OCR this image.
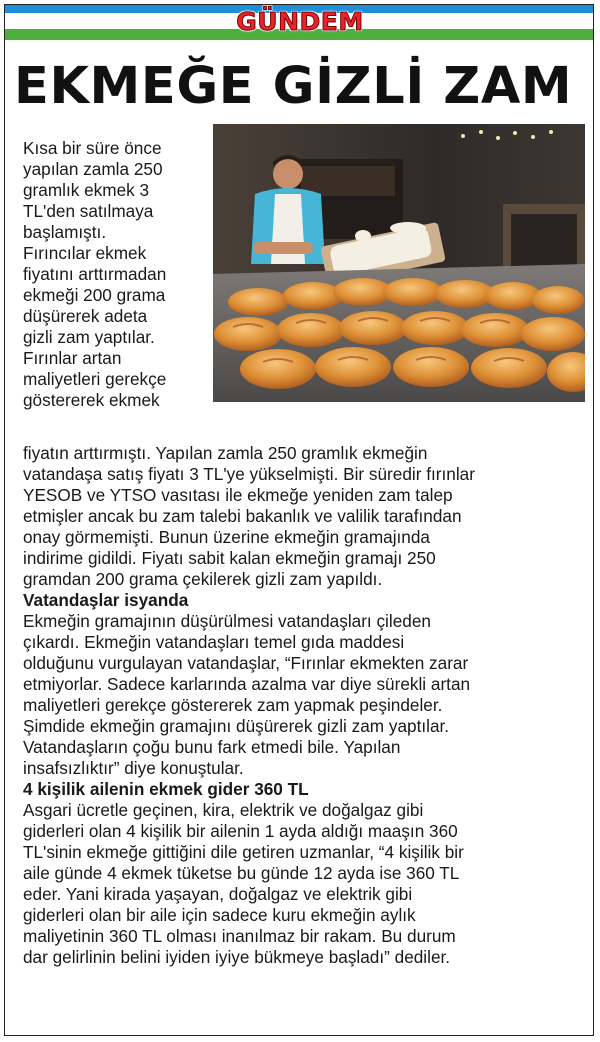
GÜNDEM
EKMEĞE GİZLİ ZAM

Kısa bir süre önce
yapılan zamla 250
gramlık ekmek 3
TL'den satılmaya
başlamıştı.
Fırıncılar ekmek
fiyatını arttırmadan
ekmeği 200 grama
düşürerek adeta
gizli zam yaptılar.
Fırınlar artan
maliyetleri gerekçe
göstererek ekmek

fiyatın arttırmıştı. Yapılan zamla 250 gramlık ekmeğin
vatandaşa satış fiyatı 3 TL'ye yükselmişti. Bir süredir fırınlar
YESOB ve YTSO vasıtası ile ekmeğe yeniden zam talep
etmişler ancak bu zam talebi bakanlık ve valilik tarafından
onay görmemişti. Bunun üzerine ekmeğin gramajında
indirime gidildi. Fiyatı sabit kalan ekmeğin gramajı 250
gramdan 200 grama çekilerek gizli zam yapıldı.

Vatandaşlar isyanda

Ekmeğin gramajının düşürülmesi vatandaşları çileden
çıkardı. Ekmeğin vatandaşları temel gıda maddesi
olduğunu vurgulayan vatandaşlar, “Fırınlar ekmekten zarar
etmiyorlar. Sadece karlarında azalma var diye sürekli artan
maliyetleri gerekçe göstererek zam yapmak peşindeler.
Şimdide ekmeğin gramajını düşürerek gizli zam yaptılar.
Vatandaşların çoğu bunu fark etmedi bile. Yapılan
insafsızlıktır” diye konuştular.

4 kişilik ailenin ekmek gider 360 TL

Asgari ücretle geçinen, kira, elektrik ve doğalgaz gibi
giderleri olan 4 kişilik bir ailenin 1 ayda aldığı maaşın 360
TL'sinin ekmeğe gittiğini dile getiren uzmanlar, “4 kişilik bir
aile günde 4 ekmek tüketse bu günde 12 ayda ise 360 TL
eder. Yani kirada yaşayan, doğalgaz ve elektrik gibi
giderleri olan bir aile için sadece kuru ekmeğin aylık
maliyetinin 360 TL olması inanılmaz bir rakam. Bu durum
dar gelirlinin belini iyiden iyiye bükmeye başladı” dediler.
